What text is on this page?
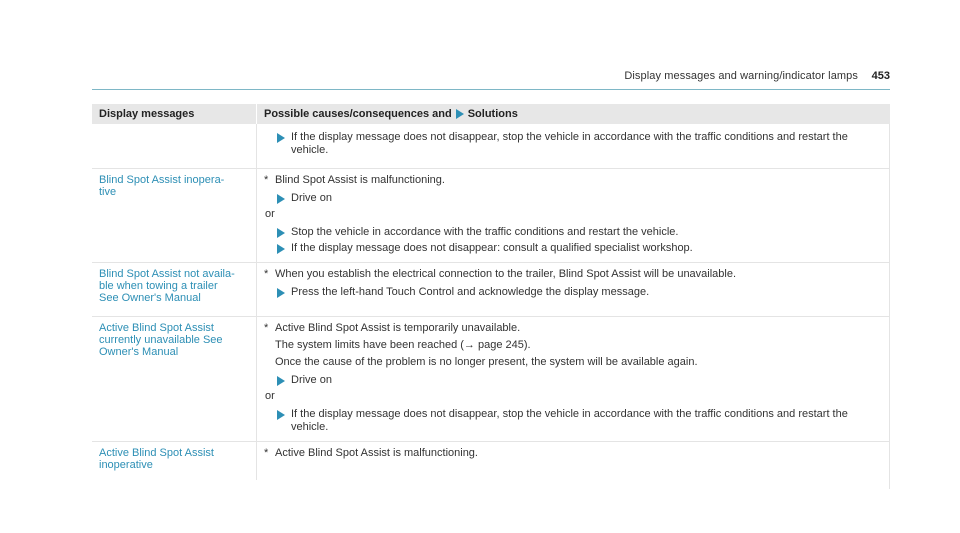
Display messages and warning/indicator lamps 453
Display messages	Possible causes/consequences and Solutions
If the display message does not disappear, stop the vehicle in accordance with the traffic conditions and restart the vehicle.
Blind Spot Assist inopera-
tive
* Blind Spot Assist is malfunctioning.
Drive on
or
Stop the vehicle in accordance with the traffic conditions and restart the vehicle.
If the display message does not disappear: consult a qualified specialist workshop.
Blind Spot Assist not availa-
ble when towing a trailer
See Owner's Manual
* When you establish the electrical connection to the trailer, Blind Spot Assist will be unavailable.
Press the left-hand Touch Control and acknowledge the display message.
Active Blind Spot Assist
currently unavailable See
Owner's Manual
* Active Blind Spot Assist is temporarily unavailable.
The system limits have been reached (→ page 245).
Once the cause of the problem is no longer present, the system will be available again.
Drive on
or
If the display message does not disappear, stop the vehicle in accordance with the traffic conditions and restart the vehicle.
Active Blind Spot Assist
inoperative
* Active Blind Spot Assist is malfunctioning.
